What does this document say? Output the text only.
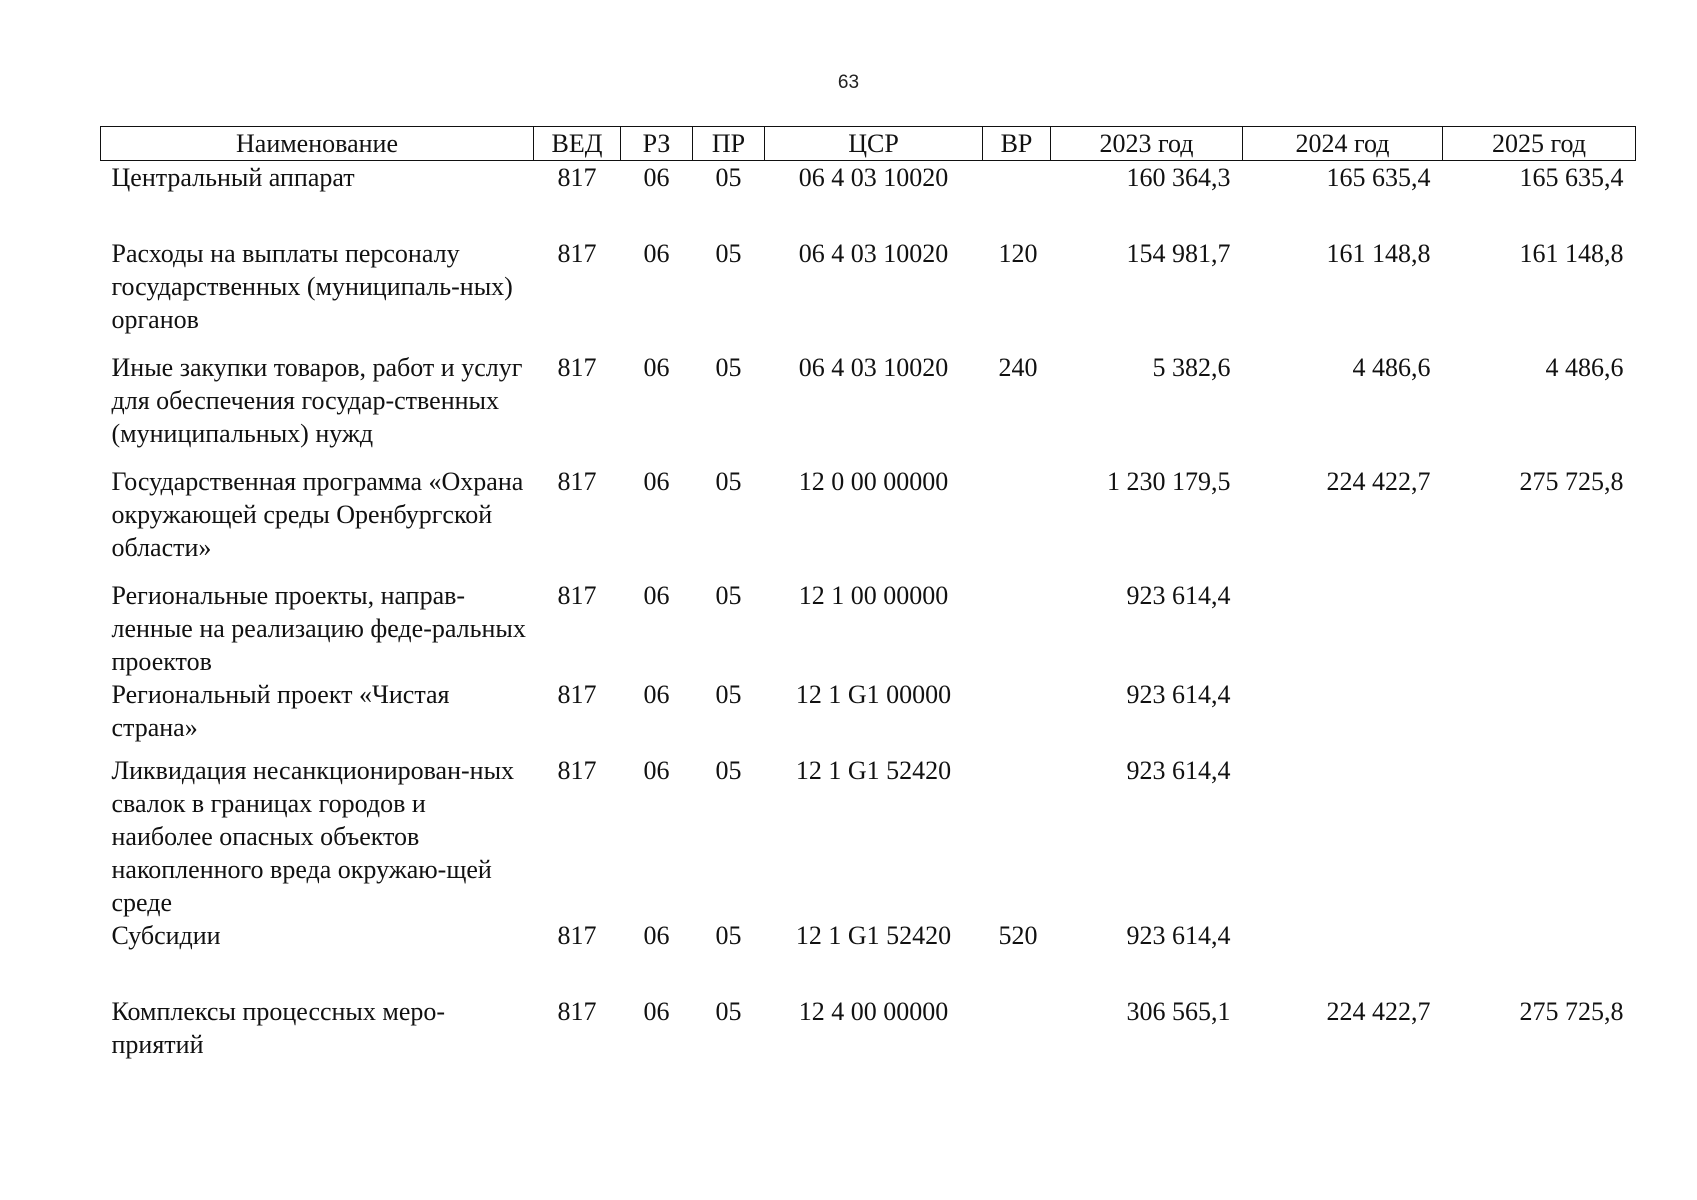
63
Наименование	ВЕД	РЗ	ПР	ЦСР	ВР	2023 год	2024 год	2025 год
Центральный аппарат	817	06	05	06 4 03 10020		160 364,3	165 635,4	165 635,4
Расходы на выплаты персоналу государственных (муниципаль-ных) органов	817	06	05	06 4 03 10020	120	154 981,7	161 148,8	161 148,8
Иные закупки товаров, работ и услуг для обеспечения государ-ственных (муниципальных) нужд	817	06	05	06 4 03 10020	240	5 382,6	4 486,6	4 486,6
Государственная программа «Охрана окружающей среды Оренбургской области»	817	06	05	12 0 00 00000		1 230 179,5	224 422,7	275 725,8
Региональные проекты, направ-ленные на реализацию феде-ральных проектов	817	06	05	12 1 00 00000		923 614,4		
Региональный проект «Чистая страна»	817	06	05	12 1 G1 00000		923 614,4		
Ликвидация несанкционирован-ных свалок в границах городов и наиболее опасных объектов накопленного вреда окружаю-щей среде	817	06	05	12 1 G1 52420		923 614,4		
Субсидии	817	06	05	12 1 G1 52420	520	923 614,4		
Комплексы процессных меро-приятий	817	06	05	12 4 00 00000		306 565,1	224 422,7	275 725,8
